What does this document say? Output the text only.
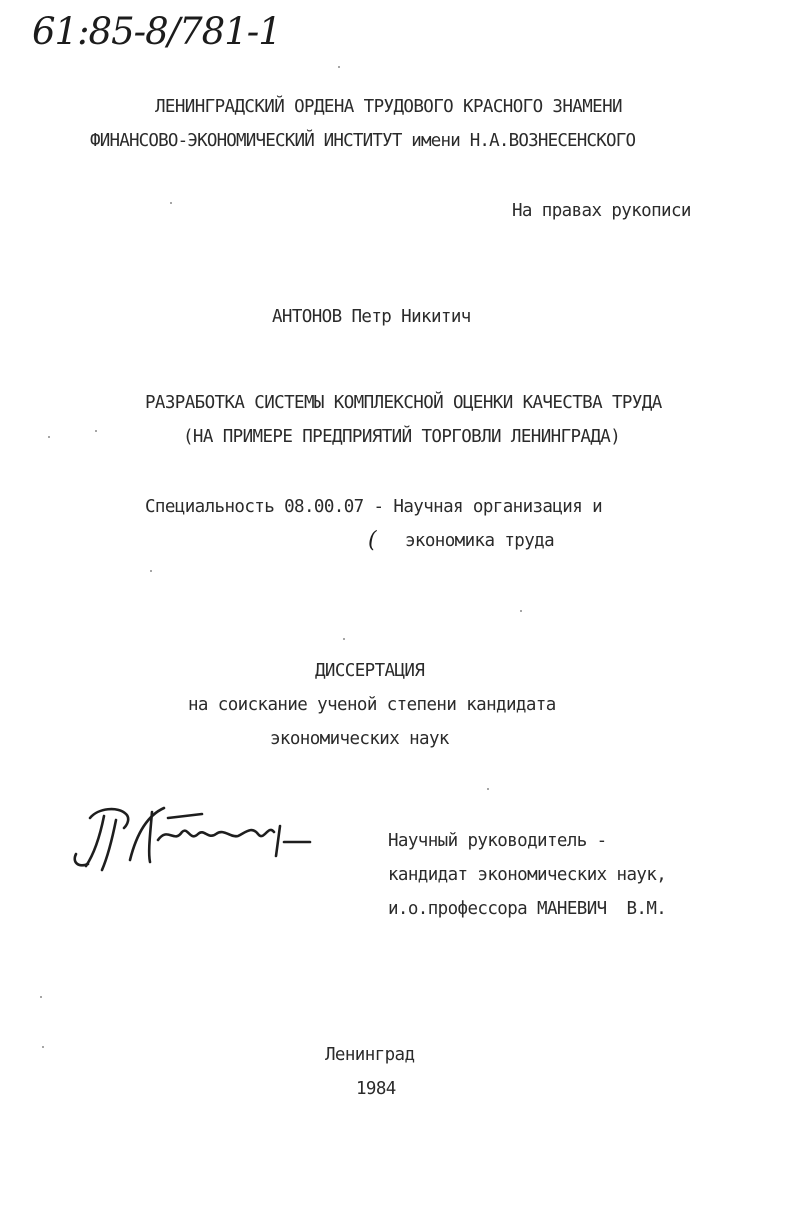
61:85-8/781-1
ЛЕНИНГРАДСКИЙ ОРДЕНА ТРУДОВОГО КРАСНОГО ЗНАМЕНИ
ФИНАНСОВО-ЭКОНОМИЧЕСКИЙ ИНСТИТУТ имени Н.А.ВОЗНЕСЕНСКОГО
На правах рукописи
АНТОНОВ Петр Никитич
РАЗРАБОТКА СИСТЕМЫ КОМПЛЕКСНОЙ ОЦЕНКИ КАЧЕСТВА ТРУДА
(НА ПРИМЕРЕ ПРЕДПРИЯТИЙ ТОРГОВЛИ ЛЕНИНГРАДА)
Специальность 08.00.07 - Научная организация и
( экономика труда
ДИССЕРТАЦИЯ
на соискание ученой степени кандидата
экономических наук
Научный руководитель -
кандидат экономических наук,
и.о.профессора МАНЕВИЧ  В.М.
Ленинград
1984
